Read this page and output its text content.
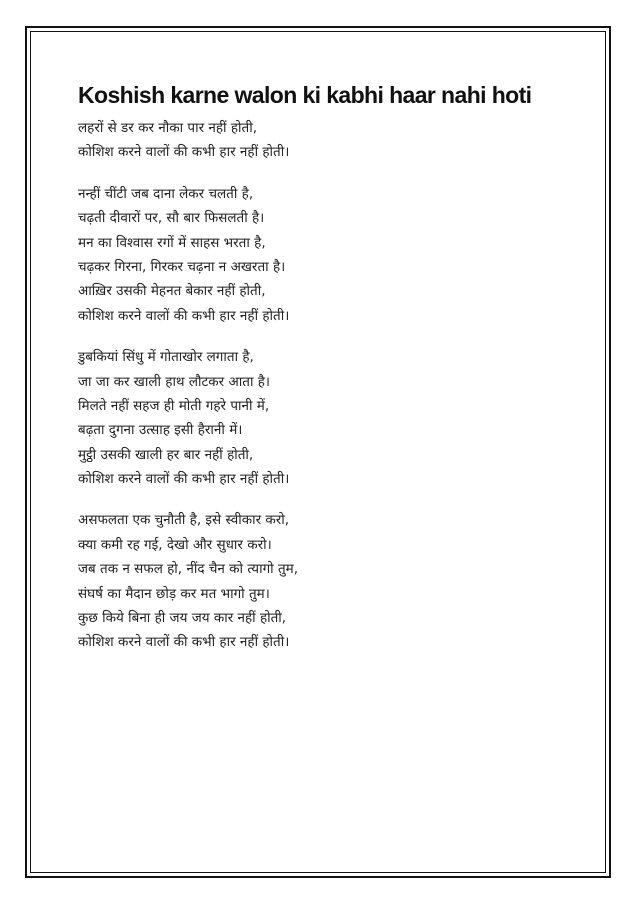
Koshish karne walon ki kabhi haar nahi hoti
लहरों से डर कर नौका पार नहीं होती,
कोशिश करने वालों की कभी हार नहीं होती।
नन्हीं चींटी जब दाना लेकर चलती है,
चढ़ती दीवारों पर, सौ बार फिसलती है।
मन का विश्वास रगों में साहस भरता है,
चढ़कर गिरना, गिरकर चढ़ना न अखरता है।
आख़िर उसकी मेहनत बेकार नहीं होती,
कोशिश करने वालों की कभी हार नहीं होती।
डुबकियां सिंधु में गोताखोर लगाता है,
जा जा कर खाली हाथ लौटकर आता है।
मिलते नहीं सहज ही मोती गहरे पानी में,
बढ़ता दुगना उत्साह इसी हैरानी में।
मुट्ठी उसकी खाली हर बार नहीं होती,
कोशिश करने वालों की कभी हार नहीं होती।
असफलता एक चुनौती है, इसे स्वीकार करो,
क्या कमी रह गई, देखो और सुधार करो।
जब तक न सफल हो, नींद चैन को त्यागो तुम,
संघर्ष का मैदान छोड़ कर मत भागो तुम।
कुछ किये बिना ही जय जय कार नहीं होती,
कोशिश करने वालों की कभी हार नहीं होती।
